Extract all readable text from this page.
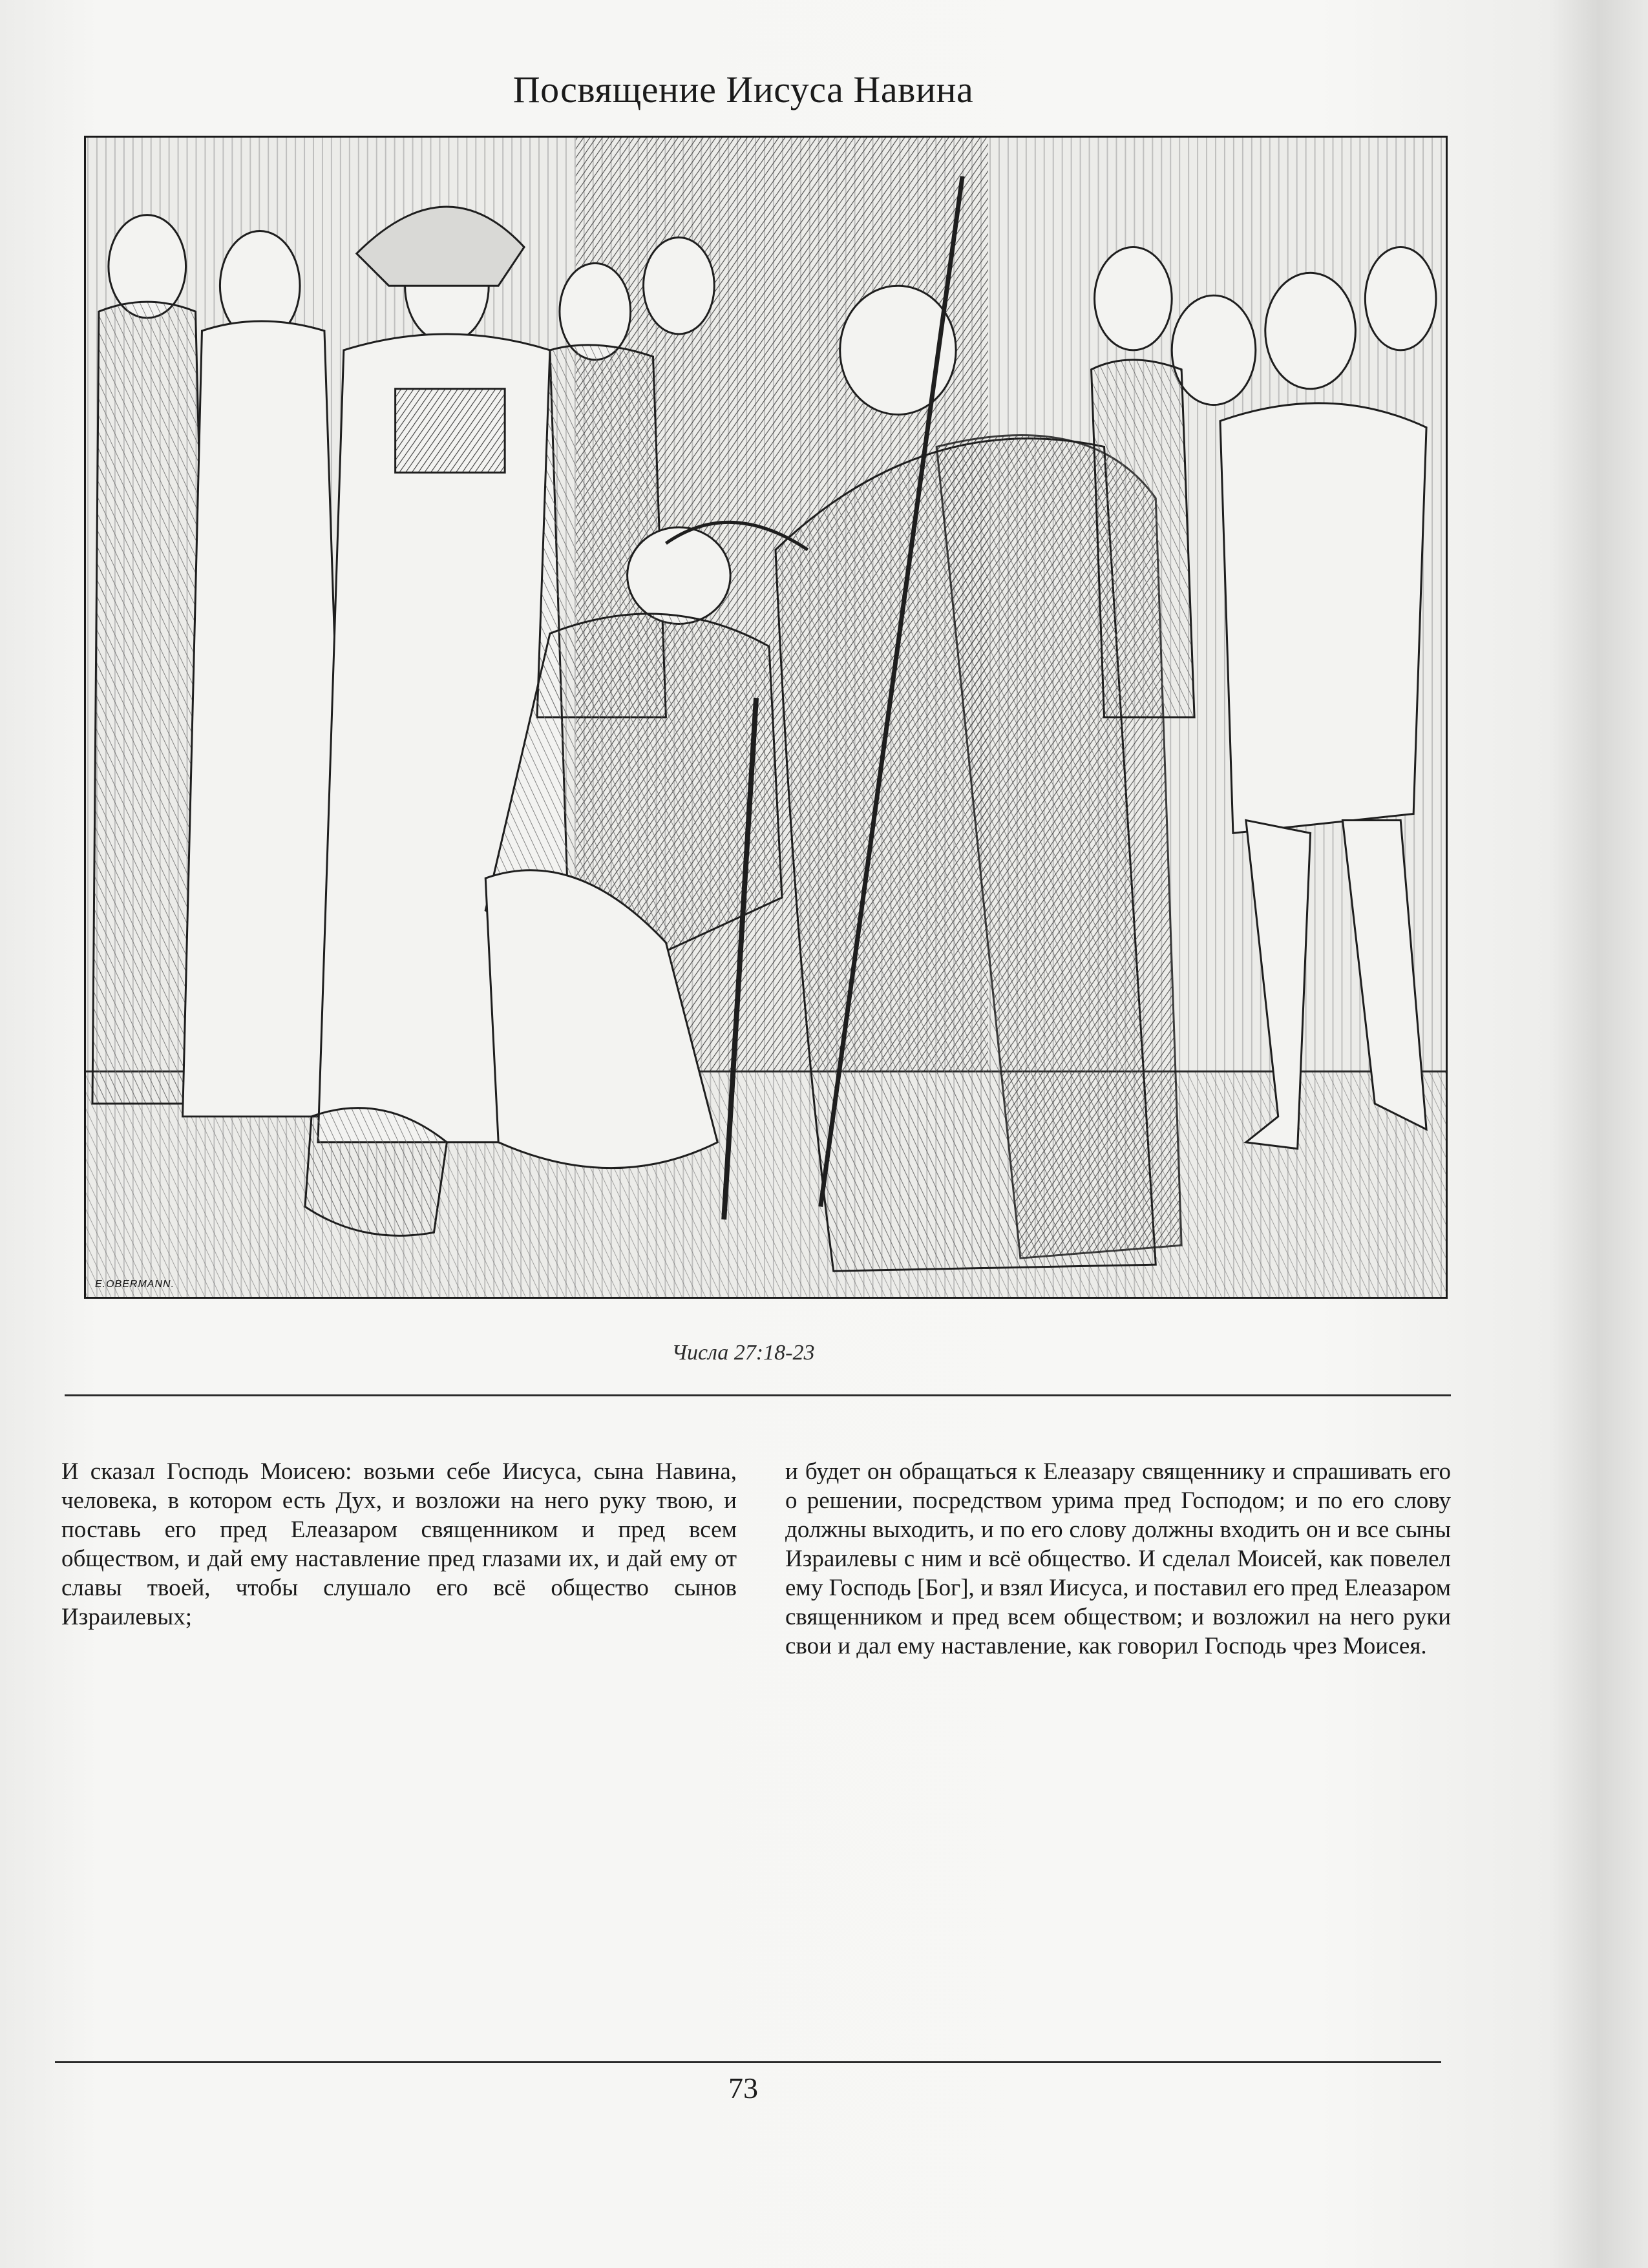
Посвящение Иисуса Навина
E.OBERMANN.
Числа 27:18-23
И сказал Господь Моисею: возьми себе Иисуса, сына Навина, человека, в котором есть Дух, и возложи на него руку твою, и поставь его пред Елеазаром священником и пред всем обществом, и дай ему наставление пред глазами их, и дай ему от славы твоей, чтобы слушало его всё общество сынов Израилевых;
и будет он обращаться к Елеазару священнику и спрашивать его о решении, посредством урима пред Господом; и по его слову должны выходить, и по его слову должны входить он и все сыны Израилевы с ним и всё общество. И сделал Моисей, как повелел ему Господь [Бог], и взял Иисуса, и поставил его пред Елеазаром священником и пред всем обществом; и возложил на него руки свои и дал ему наставление, как говорил Господь чрез Моисея.
73
